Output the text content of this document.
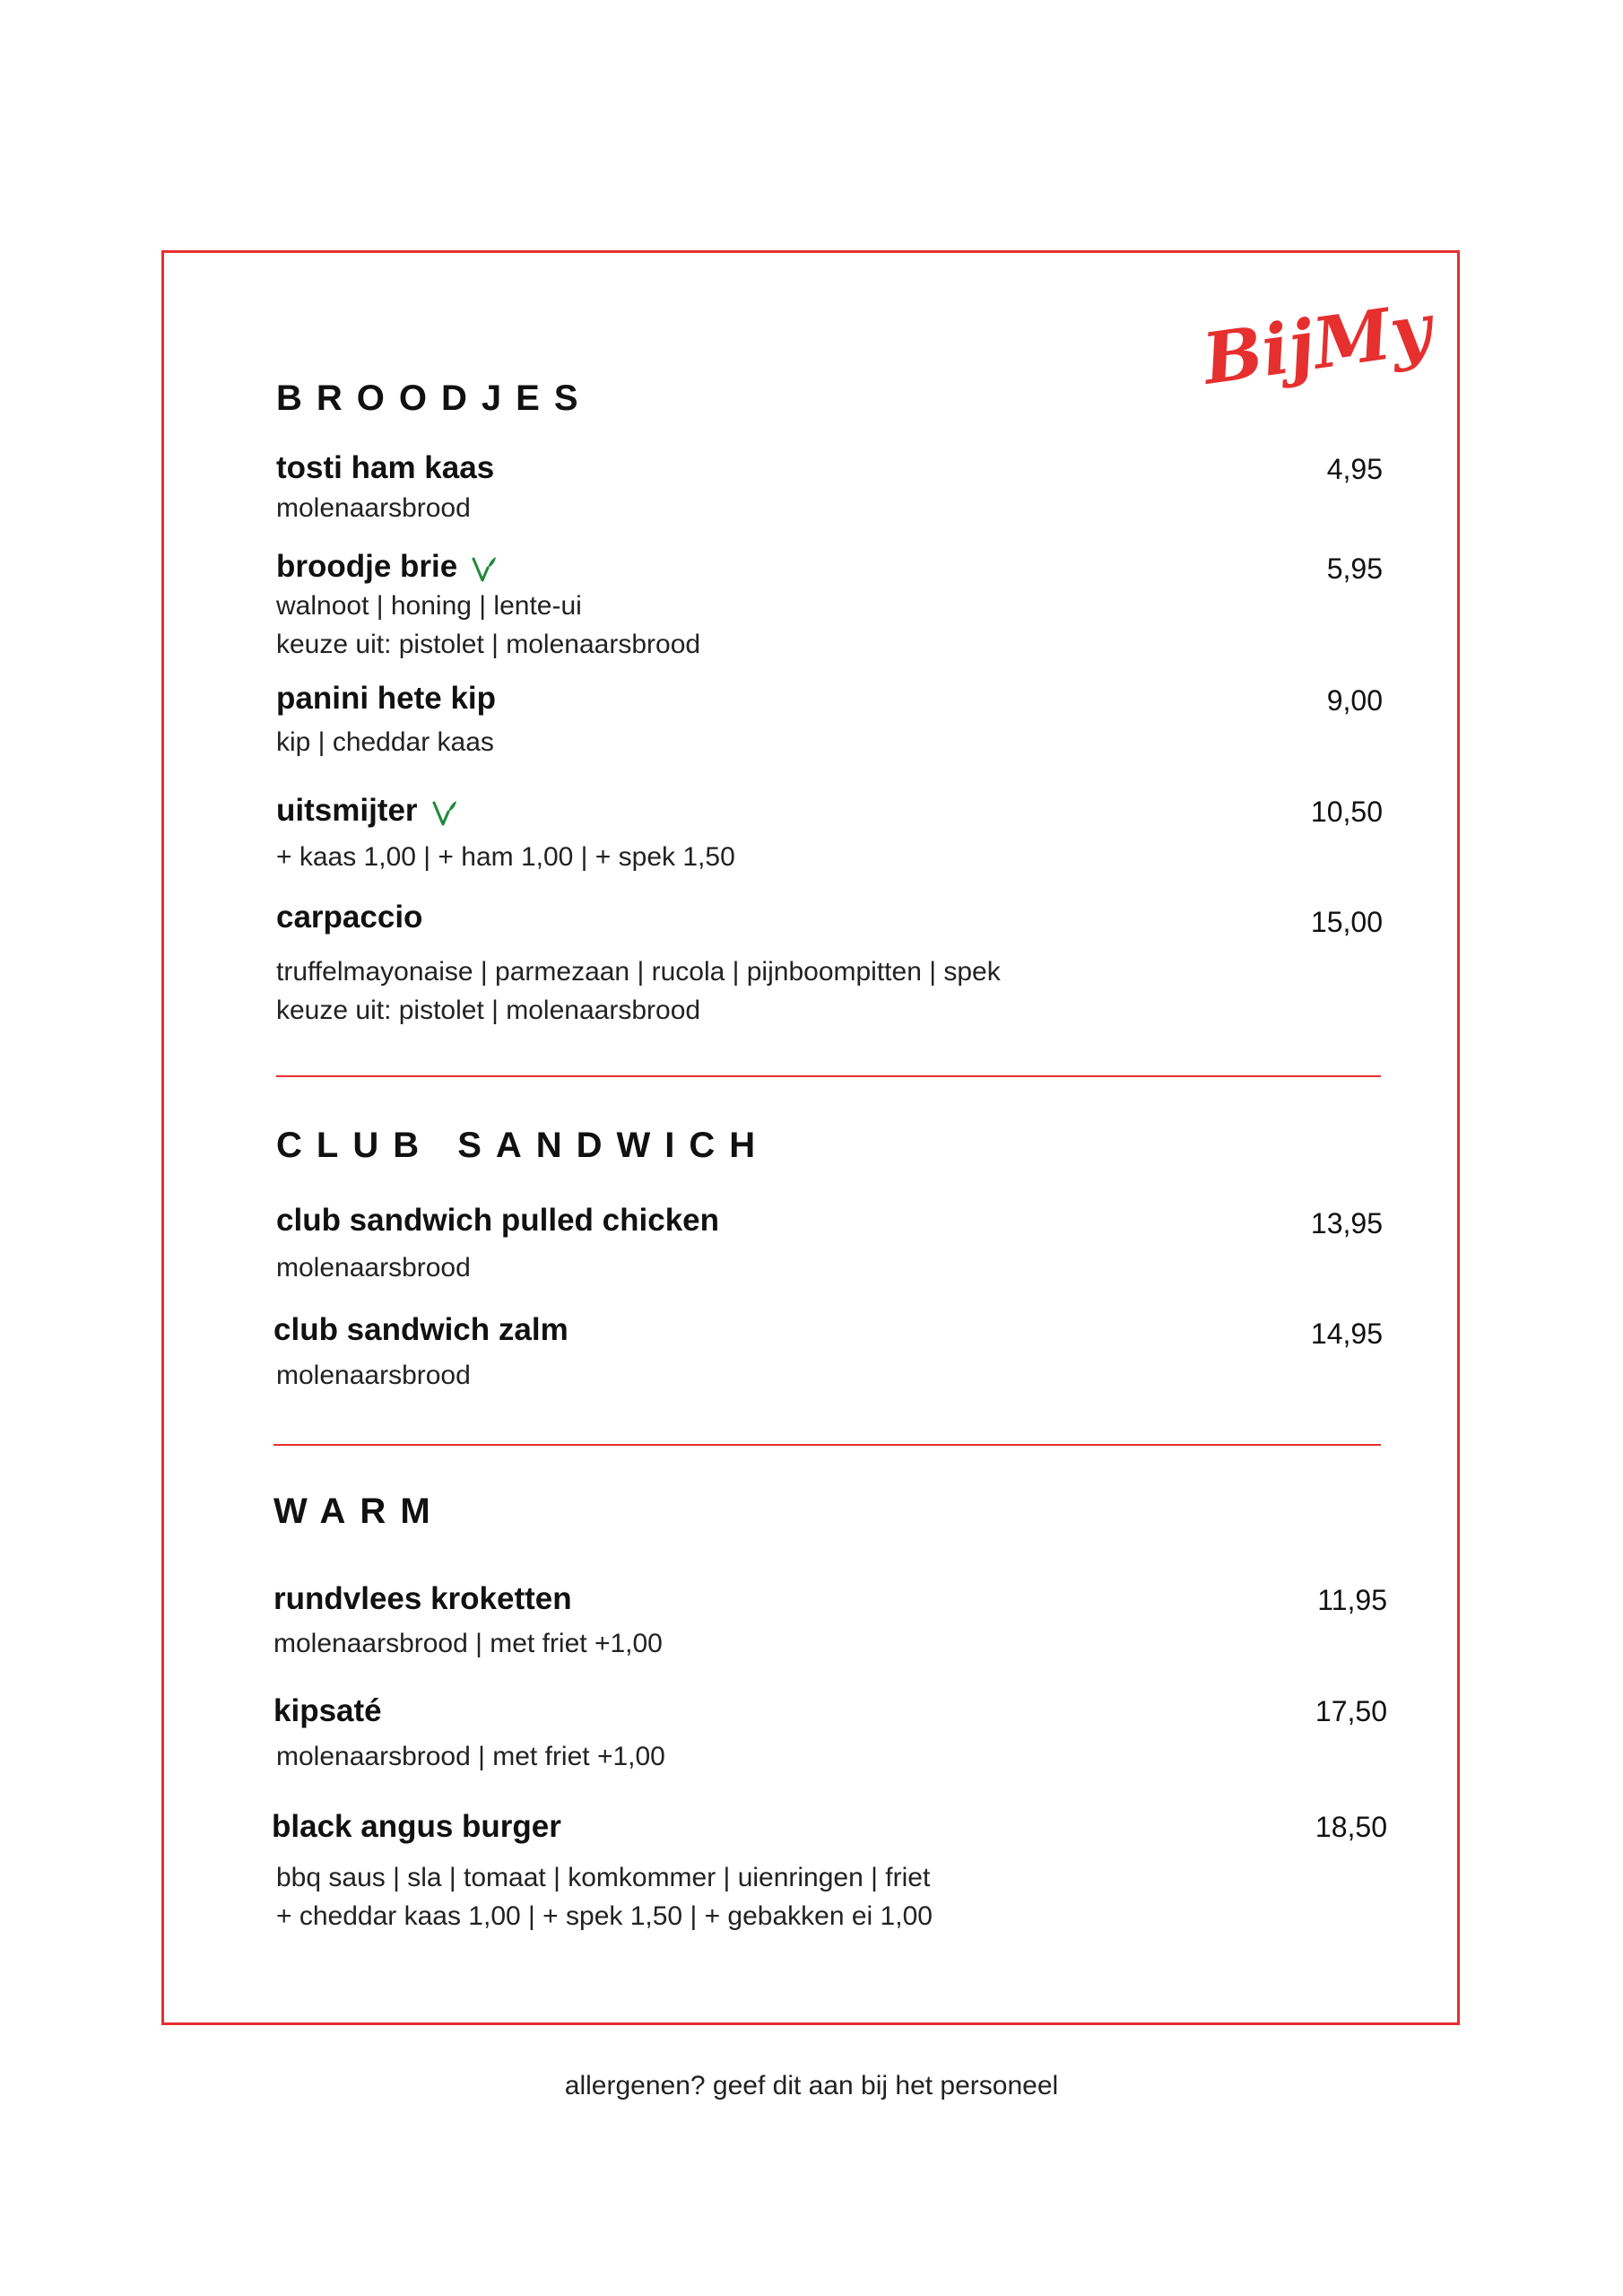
BijMy
BROODJES
tosti ham kaas	4,95
molenaarsbrood
broodje brie	5,95
walnoot | honing | lente-ui
keuze uit: pistolet | molenaarsbrood
panini hete kip	9,00
kip | cheddar kaas
uitsmijter	10,50
+ kaas 1,00 | + ham 1,00 | + spek 1,50
carpaccio	15,00
truffelmayonaise | parmezaan | rucola | pijnboompitten | spek
keuze uit: pistolet | molenaarsbrood
CLUB SANDWICH
club sandwich pulled chicken	13,95
molenaarsbrood
club sandwich zalm	14,95
molenaarsbrood
WARM
rundvlees kroketten	11,95
molenaarsbrood | met friet +1,00
kipsaté	17,50
molenaarsbrood | met friet +1,00
black angus burger	18,50
bbq saus | sla | tomaat | komkommer | uienringen | friet
+ cheddar kaas 1,00 | + spek 1,50 | + gebakken ei 1,00
allergenen? geef dit aan bij het personeel
